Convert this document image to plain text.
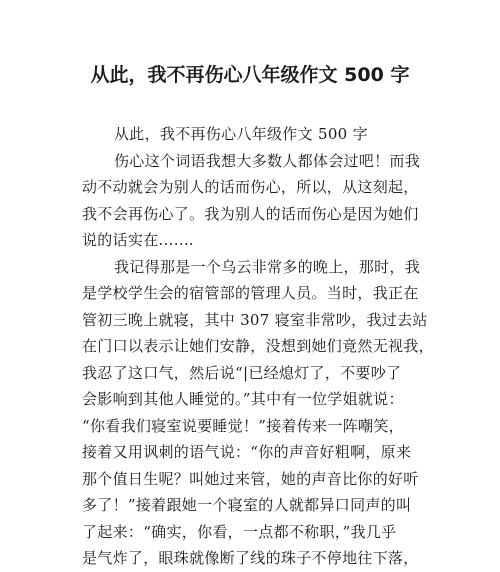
从此，我不再伤心八年级作文 500 字
从此，我不再伤心八年级作文 500 字
伤心这个词语我想大多数人都体会过吧！而我
动不动就会为别人的话而伤心，所以，从这刻起，
我不会再伤心了。我为别人的话而伤心是因为她们
说的话实在.......
我记得那是一个乌云非常多的晚上，那时，我
是学校学生会的宿管部的管理人员。当时，我正在
管初三晚上就寝，其中 307 寝室非常吵，我过去站
在门口以表示让她们安静，没想到她们竟然无视我，
我忍了这口气，然后说“|已经熄灯了，不要吵了
会影响到其他人睡觉的。”其中有一位学姐就说：
“你看我们寝室说要睡觉！”接着传来一阵嘲笑，
接着又用讽刺的语气说：“你的声音好粗啊，原来
那个值日生呢？叫她过来管，她的声音比你的好听
多了！”接着跟她一个寝室的人就都异口同声的叫
了起来：“确实，你看，一点都不称职，”我几乎
是气炸了，眼珠就像断了线的珠子不停地往下落，
